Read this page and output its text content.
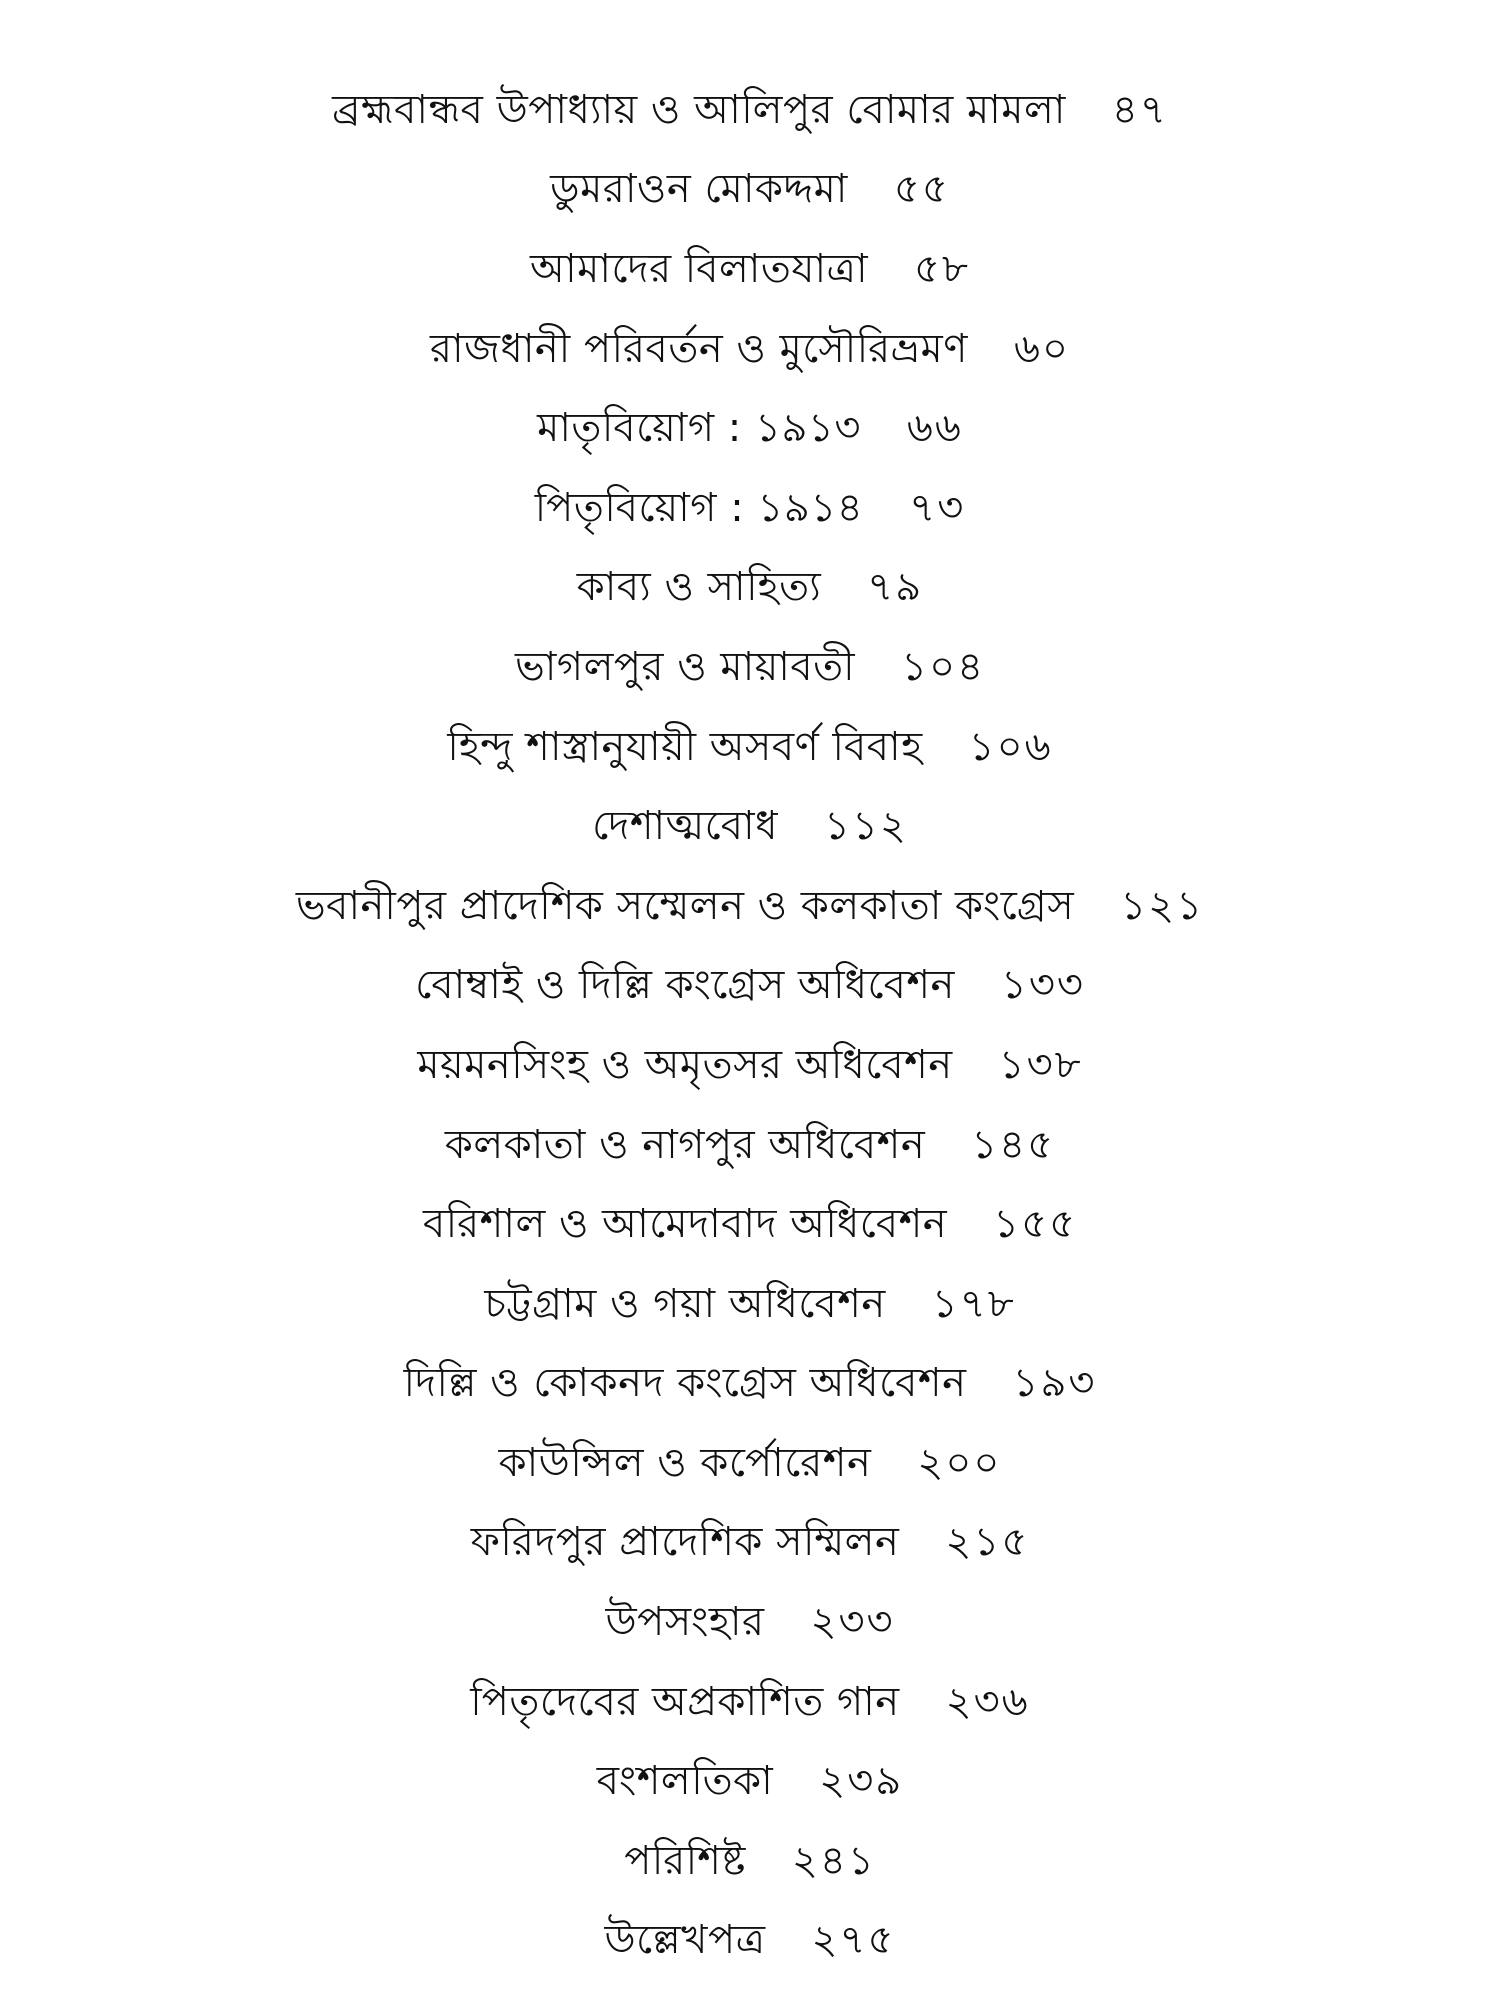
ব্রহ্মবান্ধব উপাধ্যায় ও আলিপুর বোমার মামলা ৪৭
ডুমরাওন মোকদ্দমা ৫৫
আমাদের বিলাতযাত্রা ৫৮
রাজধানী পরিবর্তন ও মুসৌরিভ্রমণ ৬০
মাতৃবিয়োগ : ১৯১৩ ৬৬
পিতৃবিয়োগ : ১৯১৪ ৭৩
কাব্য ও সাহিত্য ৭৯
ভাগলপুর ও মায়াবতী ১০৪
হিন্দু শাস্ত্রানুযায়ী অসবর্ণ বিবাহ ১০৬
দেশাত্মবোধ ১১২
ভবানীপুর প্রাদেশিক সম্মেলন ও কলকাতা কংগ্রেস ১২১
বোম্বাই ও দিল্লি কংগ্রেস অধিবেশন ১৩৩
ময়মনসিংহ ও অমৃতসর অধিবেশন ১৩৮
কলকাতা ও নাগপুর অধিবেশন ১৪৫
বরিশাল ও আমেদাবাদ অধিবেশন ১৫৫
চট্টগ্রাম ও গয়া অধিবেশন ১৭৮
দিল্লি ও কোকনদ কংগ্রেস অধিবেশন ১৯৩
কাউন্সিল ও কর্পোরেশন ২০০
ফরিদপুর প্রাদেশিক সম্মিলন ২১৫
উপসংহার ২৩৩
পিতৃদেবের অপ্রকাশিত গান ২৩৬
বংশলতিকা ২৩৯
পরিশিষ্ট ২৪১
উল্লেখপত্র ২৭৫
